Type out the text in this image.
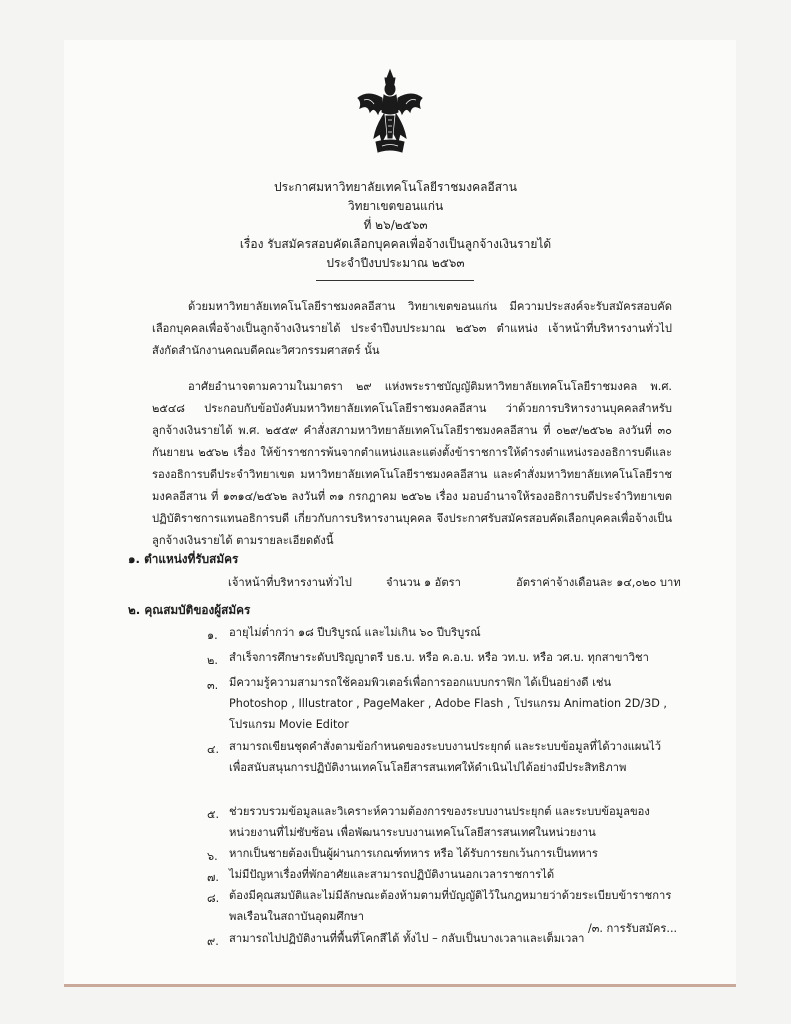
ประกาศมหาวิทยาลัยเทคโนโลยีราชมงคลอีสาน
วิทยาเขตขอนแก่น
ที่ ๒๖/๒๕๖๓
เรื่อง รับสมัครสอบคัดเลือกบุคคลเพื่อจ้างเป็นลูกจ้างเงินรายได้
ประจำปีงบประมาณ ๒๕๖๓
ด้วยมหาวิทยาลัยเทคโนโลยีราชมงคลอีสาน วิทยาเขตขอนแก่น มีความประสงค์จะรับสมัครสอบคัดเลือกบุคคลเพื่อจ้างเป็นลูกจ้างเงินรายได้ ประจำปีงบประมาณ ๒๕๖๓ ตำแหน่ง เจ้าหน้าที่บริหารงานทั่วไป สังกัดสำนักงานคณบดีคณะวิศวกรรมศาสตร์ นั้น
อาศัยอำนาจตามความในมาตรา ๒๙ แห่งพระราชบัญญัติมหาวิทยาลัยเทคโนโลยีราชมงคล พ.ศ. ๒๕๔๘ ประกอบกับข้อบังคับมหาวิทยาลัยเทคโนโลยีราชมงคลอีสาน ว่าด้วยการบริหารงานบุคคลสำหรับลูกจ้างเงินรายได้ พ.ศ. ๒๕๕๙ คำสั่งสภามหาวิทยาลัยเทคโนโลยีราชมงคลอีสาน ที่ ๐๒๙/๒๕๖๒ ลงวันที่ ๓๐ กันยายน ๒๕๖๒ เรื่อง ให้ข้าราชการพ้นจากตำแหน่งและแต่งตั้งข้าราชการให้ดำรงตำแหน่งรองอธิการบดีและรองอธิการบดีประจำวิทยาเขต มหาวิทยาลัยเทคโนโลยีราชมงคลอีสาน และคำสั่งมหาวิทยาลัยเทคโนโลยีราชมงคลอีสาน ที่ ๑๓๑๔/๒๕๖๒ ลงวันที่ ๓๑ กรกฎาคม ๒๕๖๒ เรื่อง มอบอำนาจให้รองอธิการบดีประจำวิทยาเขตปฏิบัติราชการแทนอธิการบดี เกี่ยวกับการบริหารงานบุคคล จึงประกาศรับสมัครสอบคัดเลือกบุคคลเพื่อจ้างเป็นลูกจ้างเงินรายได้ ตามรายละเอียดดังนี้
๑. ตำแหน่งที่รับสมัคร
เจ้าหน้าที่บริหารงานทั่วไป	จำนวน ๑ อัตรา	อัตราค่าจ้างเดือนละ ๑๔,๐๒๐ บาท
๒. คุณสมบัติของผู้สมัคร
๑. อายุไม่ต่ำกว่า ๑๘ ปีบริบูรณ์ และไม่เกิน ๖๐ ปีบริบูรณ์
๒. สำเร็จการศึกษาระดับปริญญาตรี บธ.บ. หรือ ค.อ.บ. หรือ วท.บ. หรือ วศ.บ. ทุกสาขาวิชา
๓. มีความรู้ความสามารถใช้คอมพิวเตอร์เพื่อการออกแบบกราฟิก ได้เป็นอย่างดี เช่น
Photoshop , Illustrator , PageMaker , Adobe Flash , โปรแกรม Animation 2D/3D ,
โปรแกรม Movie Editor
๔. สามารถเขียนชุดคำสั่งตามข้อกำหนดของระบบงานประยุกต์ และระบบข้อมูลที่ได้วางแผนไว้
เพื่อสนับสนุนการปฏิบัติงานเทคโนโลยีสารสนเทศให้ดำเนินไปได้อย่างมีประสิทธิภาพ
๕. ช่วยรวบรวมข้อมูลและวิเคราะห์ความต้องการของระบบงานประยุกต์ และระบบข้อมูลของ
หน่วยงานที่ไม่ซับซ้อน เพื่อพัฒนาระบบงานเทคโนโลยีสารสนเทศในหน่วยงาน
๖. หากเป็นชายต้องเป็นผู้ผ่านการเกณฑ์ทหาร หรือ ได้รับการยกเว้นการเป็นทหาร
๗. ไม่มีปัญหาเรื่องที่พักอาศัยและสามารถปฏิบัติงานนอกเวลาราชการได้
๘. ต้องมีคุณสมบัติและไม่มีลักษณะต้องห้ามตามที่บัญญัติไว้ในกฎหมายว่าด้วยระเบียบข้าราชการ
พลเรือนในสถาบันอุดมศึกษา
๙. สามารถไปปฏิบัติงานที่พื้นที่โคกสีได้ ทั้งไป – กลับเป็นบางเวลาและเต็มเวลา
/๓. การรับสมัคร...
